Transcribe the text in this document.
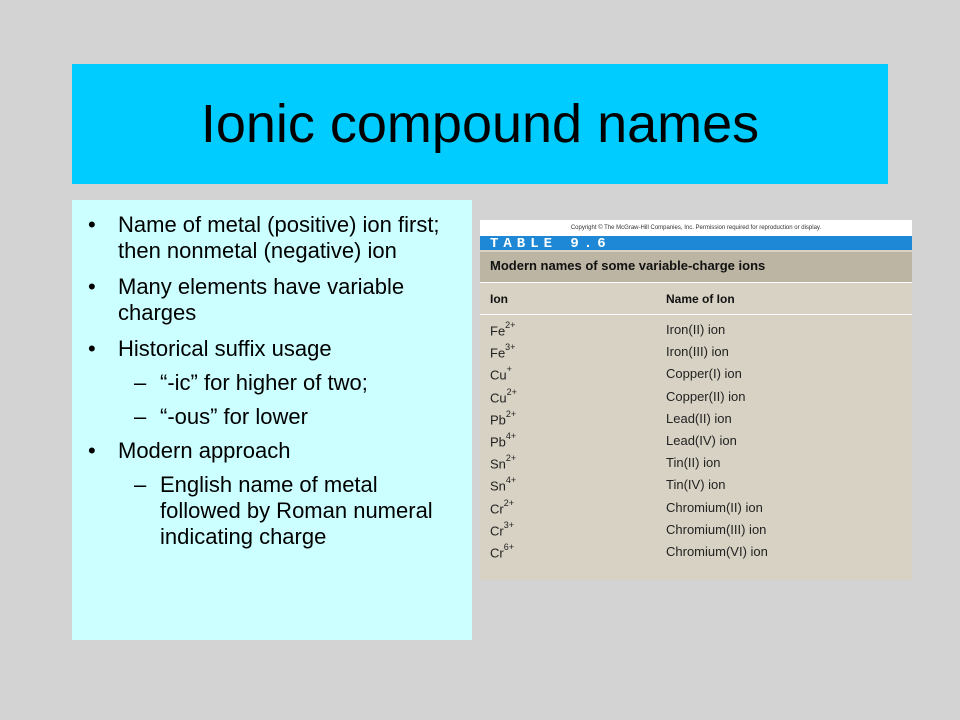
Ionic compound names
• Name of metal (positive) ion first; then nonmetal (negative) ion
• Many elements have variable charges
• Historical suffix usage
– “-ic” for higher of two;
– “-ous” for lower
• Modern approach
– English name of metal followed by Roman numeral indicating charge
Copyright © The McGraw-Hill Companies, Inc. Permission required for reproduction or display.
TABLE 9.6
Modern names of some variable-charge ions
Ion	Name of Ion
$Fe^{2+}$	Iron(II) ion
$Fe^{3+}$	Iron(III) ion
Cu+	Copper(I) ion
$Cu^{2+}$	Copper(II) ion
$Pb^{2+}$	Lead(II) ion
$Pb^{4+}$	Lead(IV) ion
$Sn^{2+}$	Tin(II) ion
$Sn^{4+}$	Tin(IV) ion
$Cr^{2+}$	Chromium(II) ion
$Cr^{3+}$	Chromium(III) ion
$Cr^{6+}$	Chromium(VI) ion
